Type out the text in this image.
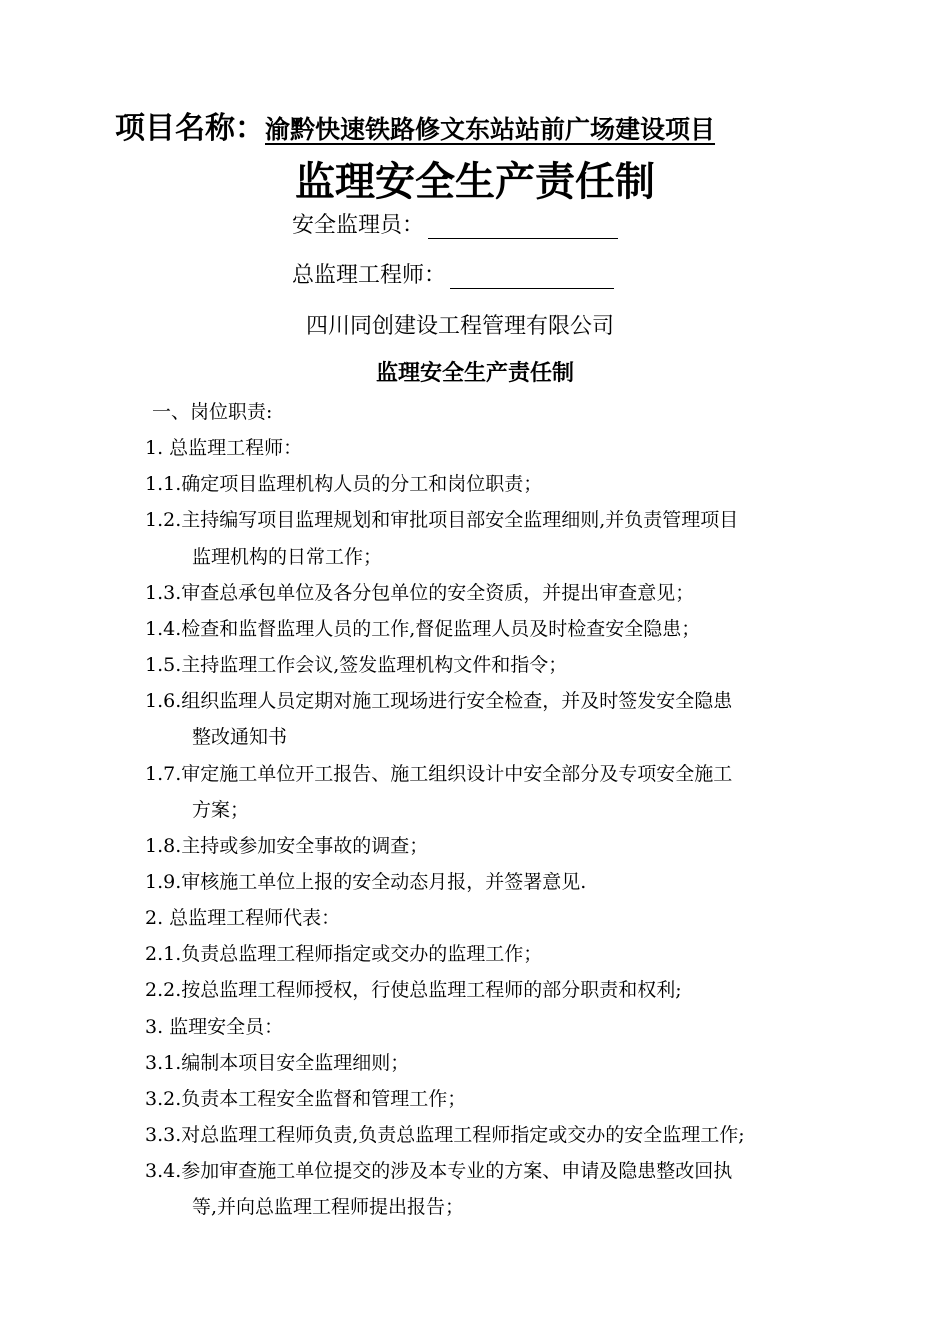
项目名称：渝黔快速铁路修文东站站前广场建设项目
监理安全生产责任制
安全监理员：
总监理工程师：
四川同创建设工程管理有限公司
监理安全生产责任制
一、岗位职责:
1. 总监理工程师：
1.1.确定项目监理机构人员的分工和岗位职责；
1.2.主持编写项目监理规划和审批项目部安全监理细则,并负责管理项目
监理机构的日常工作；
1.3.审查总承包单位及各分包单位的安全资质，并提出审查意见；
1.4.检查和监督监理人员的工作,督促监理人员及时检查安全隐患；
1.5.主持监理工作会议,签发监理机构文件和指令；
1.6.组织监理人员定期对施工现场进行安全检查，并及时签发安全隐患
整改通知书
1.7.审定施工单位开工报告、施工组织设计中安全部分及专项安全施工
方案；
1.8.主持或参加安全事故的调查；
1.9.审核施工单位上报的安全动态月报，并签署意见.
2. 总监理工程师代表：
2.1.负责总监理工程师指定或交办的监理工作；
2.2.按总监理工程师授权，行使总监理工程师的部分职责和权利;
3. 监理安全员：
3.1.编制本项目安全监理细则；
3.2.负责本工程安全监督和管理工作；
3.3.对总监理工程师负责,负责总监理工程师指定或交办的安全监理工作;
3.4.参加审查施工单位提交的涉及本专业的方案、申请及隐患整改回执
等,并向总监理工程师提出报告；
